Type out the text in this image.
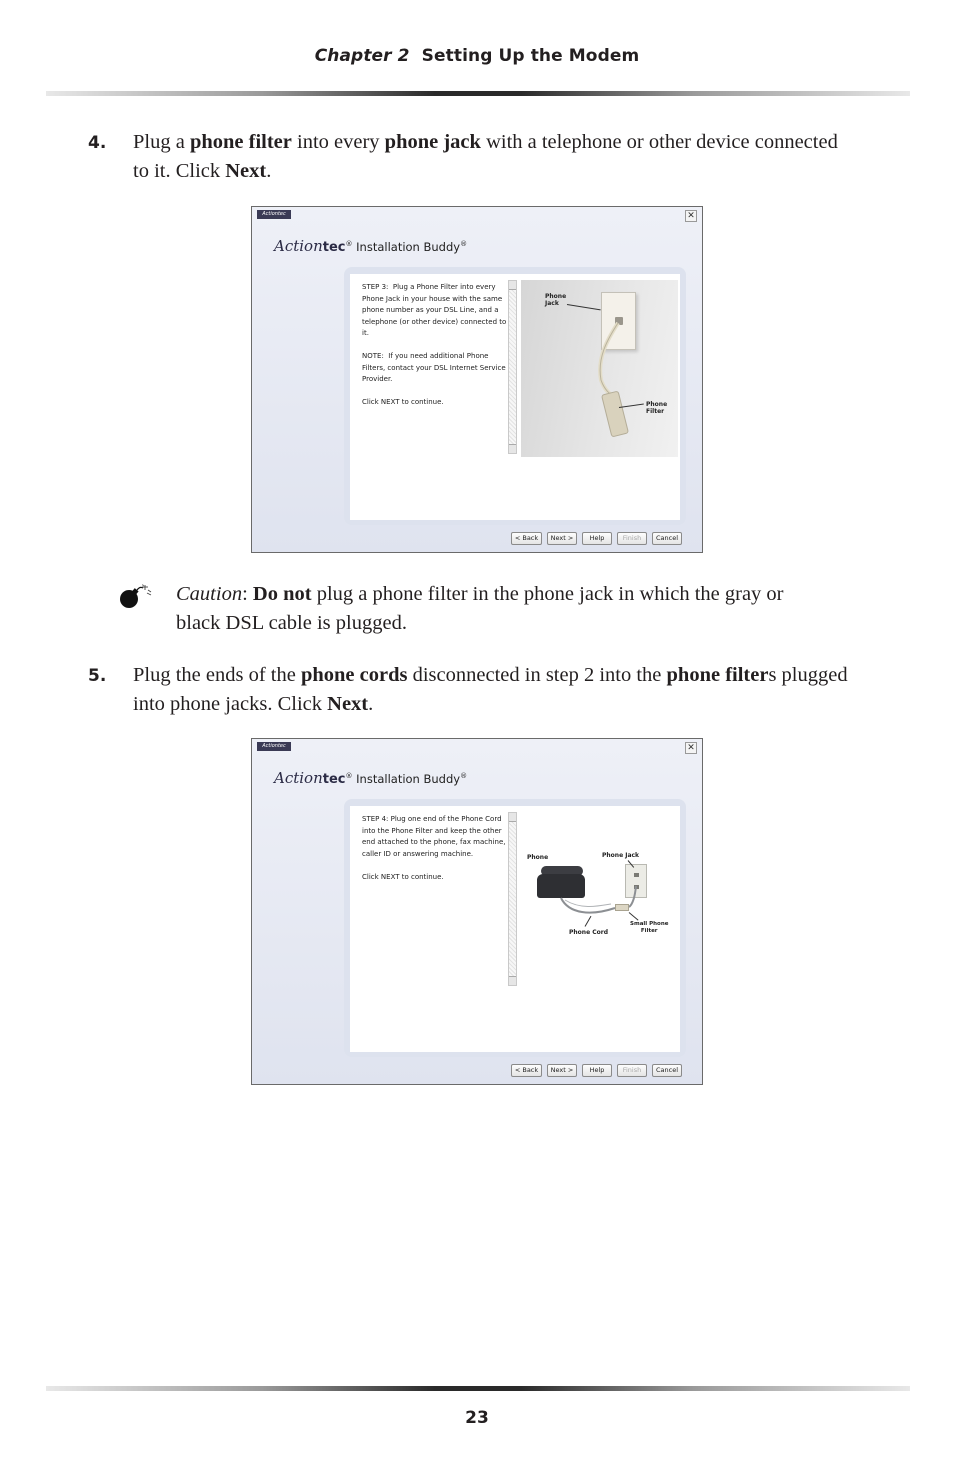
Chapter 2 Setting Up the Modem
4. Plug a phone filter into every phone jack with a telephone or other device connected to it. Click Next.
Actiontec	✕
Actiontec® Installation Buddy®
STEP 3:  Plug a Phone Filter into every Phone Jack in your house with the same phone number as your DSL Line, and a telephone (or other device) connected to it.

NOTE:  If you need additional Phone Filters, contact your DSL Internet Service Provider.

Click NEXT to continue.
Phone
Jack
Phone
Filter
< Back	Next >	Help	Finish	Cancel
Caution: Do not plug a phone filter in the phone jack in which the gray or black DSL cable is plugged.
5. Plug the ends of the phone cords disconnected in step 2 into the phone filters plugged into phone jacks. Click Next.
Actiontec	✕
Actiontec® Installation Buddy®
STEP 4: Plug one end of the Phone Cord into the Phone Filter and keep the other end attached to the phone, fax machine, caller ID or answering machine.

Click NEXT to continue.
Phone	Phone Jack
Phone Cord
Small Phone
Filter
< Back	Next >	Help	Finish	Cancel
23
